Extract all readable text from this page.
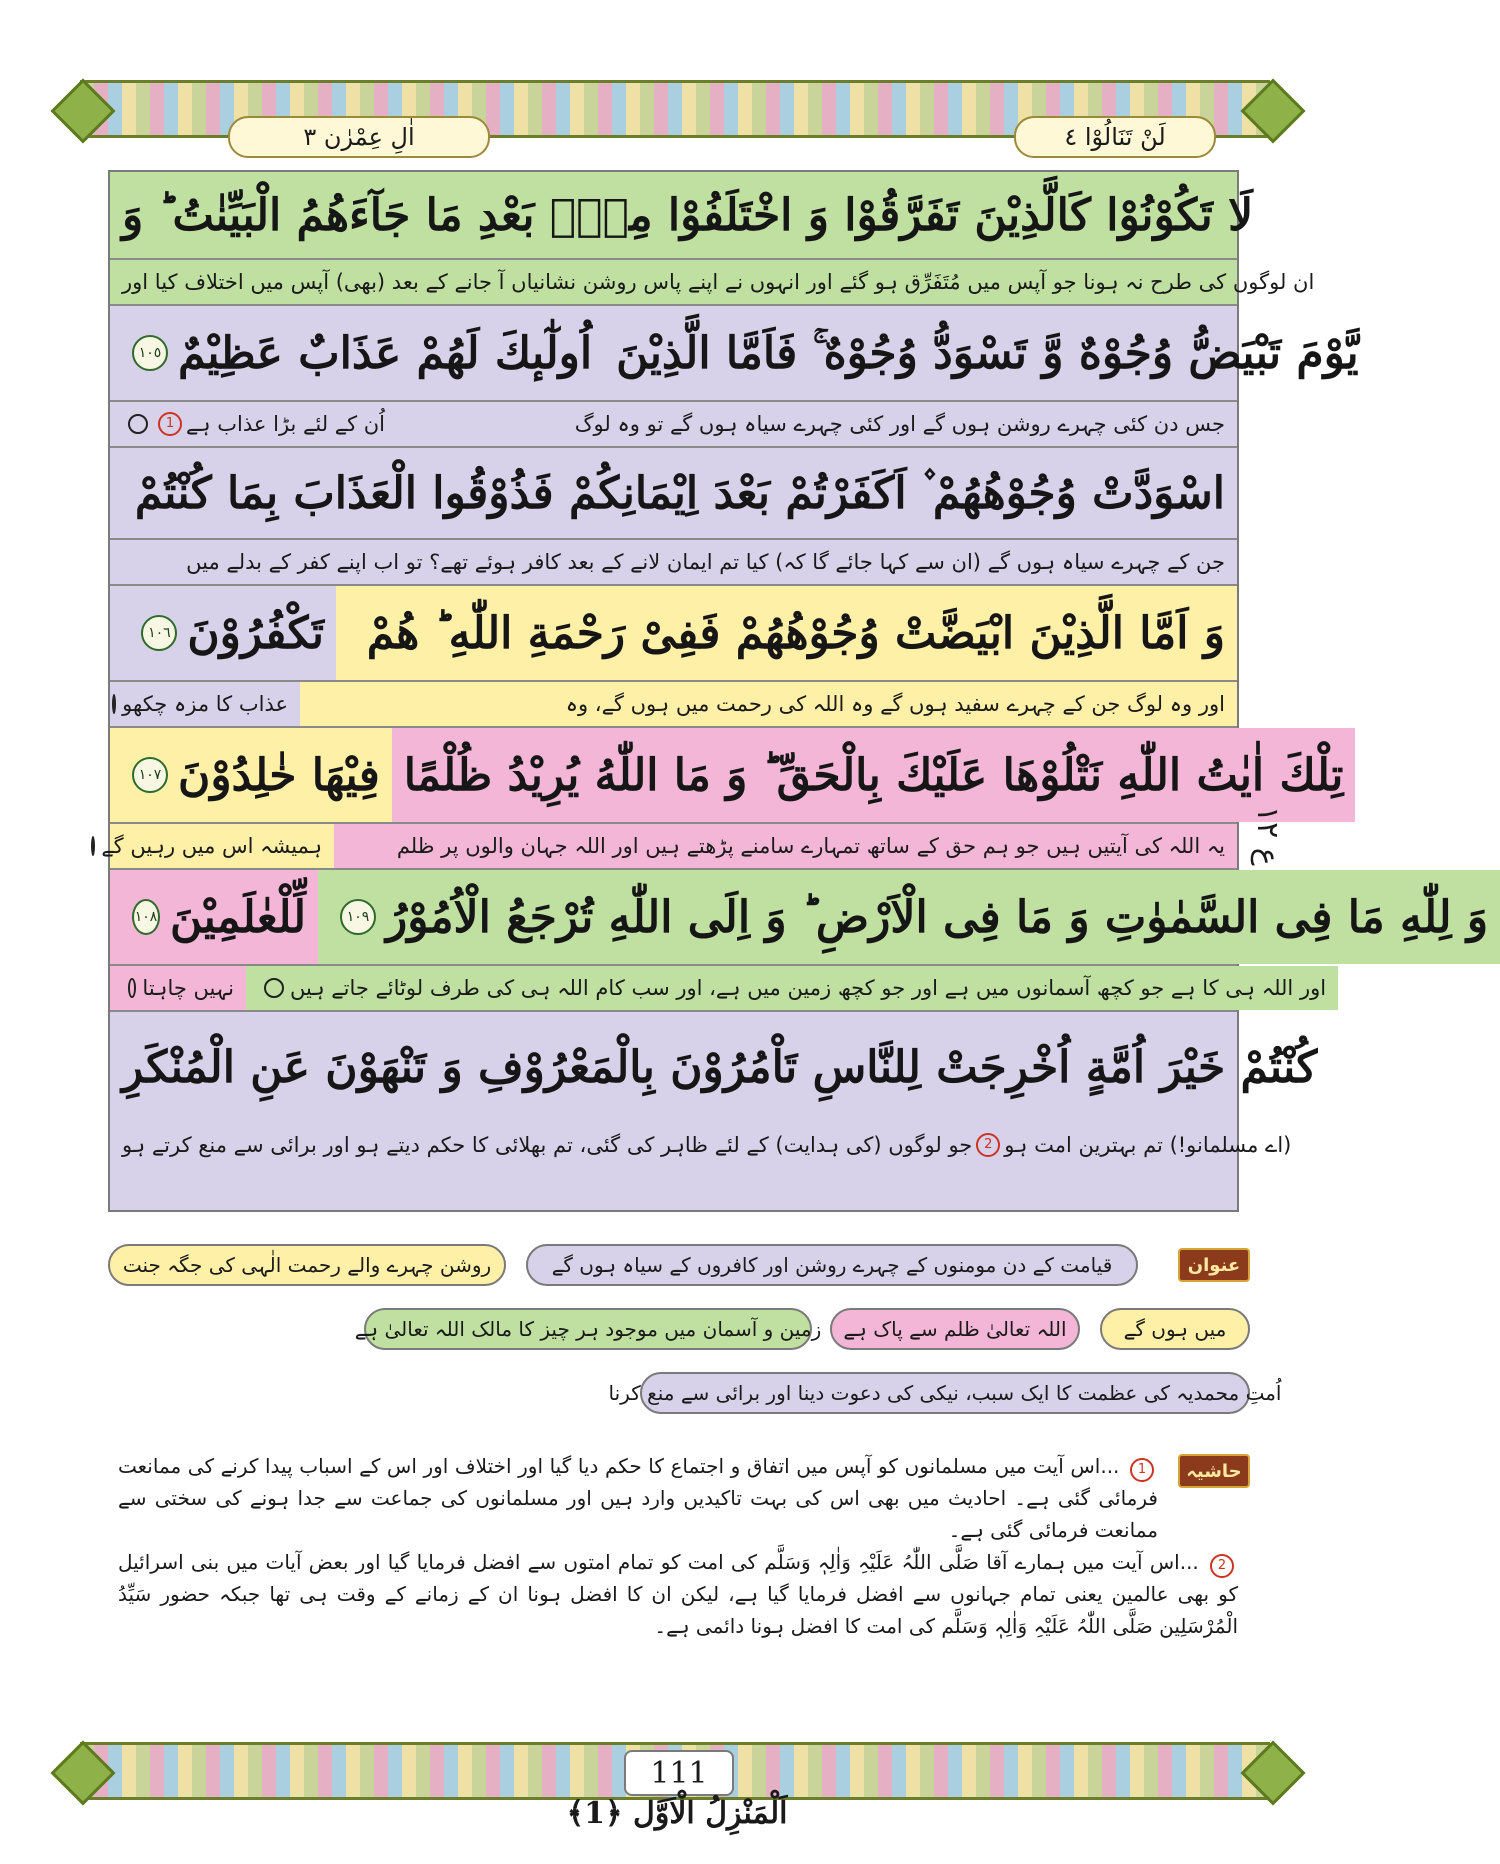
اٰلِ عِمْرٰن ٣	لَنْ تَنَالُوْا ٤
لَا تَكُوْنُوْا كَالَّذِیْنَ تَفَرَّقُوْا وَ اخْتَلَفُوْا مِنْۢ بَعْدِ مَا جَآءَهُمُ الْبَیِّنٰتُ ؕ وَ
ان لوگوں کی طرح نہ ہونا جو آپس میں مُتَفَرِّق ہو گئے اور انہوں نے اپنے پاس روشن نشانیاں آ جانے کے بعد (بھی) آپس میں اختلاف کیا اور
اُولٰٓىٕكَ لَهُمْ عَذَابٌ عَظِیْمٌ
١٠٥	یَّوْمَ تَبْیَضُّ وُجُوْهٌ وَّ تَسْوَدُّ وُجُوْهٌ ۚ فَاَمَّا الَّذِیْنَ
اُن کے لئے بڑا عذاب ہے
1	جس دن کئی چہرے روشن ہوں گے اور کئی چہرے سیاہ ہوں گے تو وہ لوگ
اسْوَدَّتْ وُجُوْهُهُمْ ۫ اَكَفَرْتُمْ بَعْدَ اِیْمَانِكُمْ فَذُوْقُوا الْعَذَابَ بِمَا كُنْتُمْ
جن کے چہرے سیاہ ہوں گے (ان سے کہا جائے گا کہ) کیا تم ایمان لانے کے بعد کافر ہوئے تھے؟ تو اب اپنے کفر کے بدلے میں
تَكْفُرُوْنَ
١٠٦	وَ اَمَّا الَّذِیْنَ ابْیَضَّتْ وُجُوْهُهُمْ فَفِیْ رَحْمَةِ اللّٰهِ ؕ هُمْ
عذاب کا مزہ چکھو	اور وہ لوگ جن کے چہرے سفید ہوں گے وہ اللہ کی رحمت میں ہوں گے، وہ
فِیْهَا خٰلِدُوْنَ
١٠٧	تِلْكَ اٰیٰتُ اللّٰهِ نَتْلُوْهَا عَلَیْكَ بِالْحَقِّ ؕ وَ مَا اللّٰهُ یُرِیْدُ ظُلْمًا
ہمیشہ اس میں رہیں گے	یہ اللہ کی آیتیں ہیں جو ہم حق کے ساتھ تمہارے سامنے پڑھتے ہیں اور اللہ جہان والوں پر ظلم
لِّلْعٰلَمِیْنَ
١٠٨	وَ لِلّٰهِ مَا فِی السَّمٰوٰتِ وَ مَا فِی الْاَرْضِ ؕ وَ اِلَى اللّٰهِ تُرْجَعُ الْاُمُوْرُ
١٠٩
نہیں چاہتا	اور اللہ ہی کا ہے جو کچھ آسمانوں میں ہے اور جو کچھ زمین میں ہے، اور سب کام اللہ ہی کی طرف لوٹائے جاتے ہیں
كُنْتُمْ خَیْرَ اُمَّةٍ اُخْرِجَتْ لِلنَّاسِ تَاْمُرُوْنَ بِالْمَعْرُوْفِ وَ تَنْهَوْنَ عَنِ الْمُنْكَرِ
(اے مسلمانو!) تم بہترین امت ہو
2
جو لوگوں (کی ہدایت) کے لئے ظاہر کی گئی، تم بھلائی کا حکم دیتے ہو اور برائی سے منع کرتے ہو
ع ١٢
عنوان
قیامت کے دن مومنوں کے چہرے روشن اور کافروں کے سیاہ ہوں گے
روشن چہرے والے رحمت الٰہی کی جگہ جنت
میں ہوں گے
اللہ تعالیٰ ظلم سے پاک ہے
زمین و آسمان میں موجود ہر چیز کا مالک اللہ تعالیٰ ہے
اُمتِ محمدیہ کی عظمت کا ایک سبب، نیکی کی دعوت دینا اور برائی سے منع کرنا
حاشیہ
1 ...اس آیت میں مسلمانوں کو آپس میں اتفاق و اجتماع کا حکم دیا گیا اور اختلاف اور اس کے اسباب پیدا کرنے کی ممانعت فرمائی گئی ہے۔ احادیث میں بھی اس کی بہت تاکیدیں وارد ہیں اور مسلمانوں کی جماعت سے جدا ہونے کی سختی سے ممانعت فرمائی گئی ہے۔
2 ...اس آیت میں ہمارے آقا صَلَّی اللّٰہُ عَلَیْہِ وَاٰلِہٖ وَسَلَّم کی امت کو تمام امتوں سے افضل فرمایا گیا اور بعض آیات میں بنی اسرائیل کو بھی عالمین یعنی تمام جہانوں سے افضل فرمایا گیا ہے، لیکن ان کا افضل ہونا ان کے زمانے کے وقت ہی تھا جبکہ حضور سَیِّدُ الْمُرْسَلِین صَلَّی اللّٰہُ عَلَیْہِ وَاٰلِہٖ وَسَلَّم کی امت کا افضل ہونا دائمی ہے۔
111
اَلْمَنْزِلُ الْاَوَّل ﴿1﴾
